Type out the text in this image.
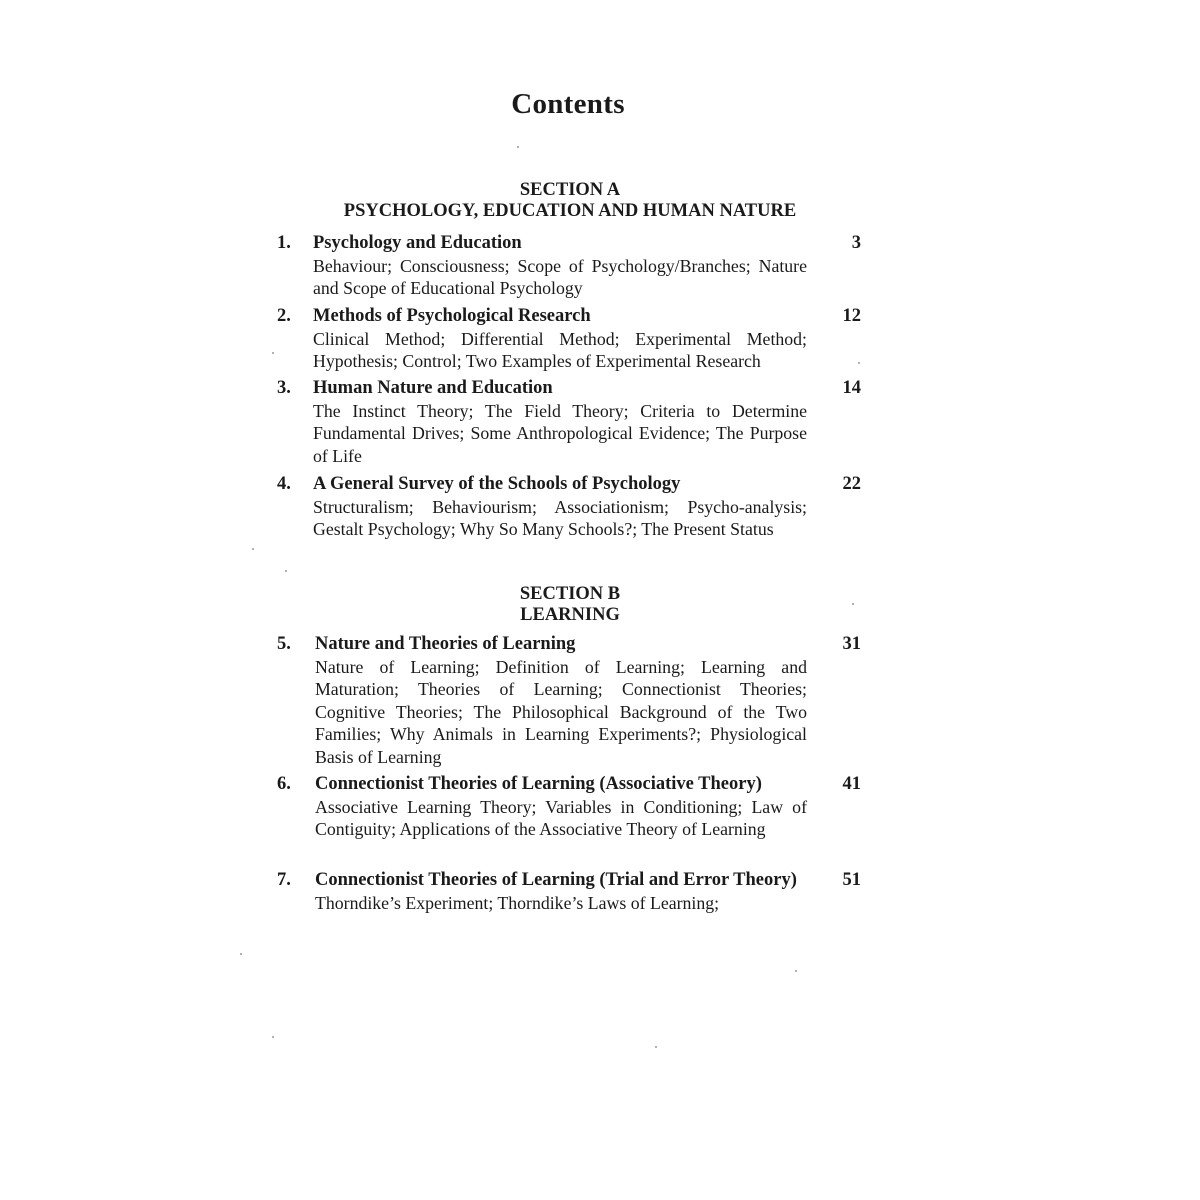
Contents
SECTION A
PSYCHOLOGY, EDUCATION AND HUMAN NATURE
1. Psychology and Education
Behaviour; Consciousness; Scope of Psychology/Branches; Nature and Scope of Educational Psychology
3
2. Methods of Psychological Research
Clinical Method; Differential Method; Experimental Method; Hypothesis; Control; Two Examples of Experimental Research
12
3. Human Nature and Education
The Instinct Theory; The Field Theory; Criteria to Determine Fundamental Drives; Some Anthropological Evidence; The Purpose of Life
14
4. A General Survey of the Schools of Psychology
Structuralism; Behaviourism; Associationism; Psycho-analysis; Gestalt Psychology; Why So Many Schools?; The Present Status
22
SECTION B
LEARNING
5. Nature and Theories of Learning
Nature of Learning; Definition of Learning; Learning and Maturation; Theories of Learning; Connectionist Theories; Cognitive Theories; The Philosophical Background of the Two Families; Why Animals in Learning Experiments?; Physiological Basis of Learning
31
6. Connectionist Theories of Learning (Associative Theory)
Associative Learning Theory; Variables in Conditioning; Law of Contiguity; Applications of the Associative Theory of Learning
41
7. Connectionist Theories of Learning (Trial and Error Theory)
Thorndike’s Experiment; Thorndike’s Laws of Learning;
51
